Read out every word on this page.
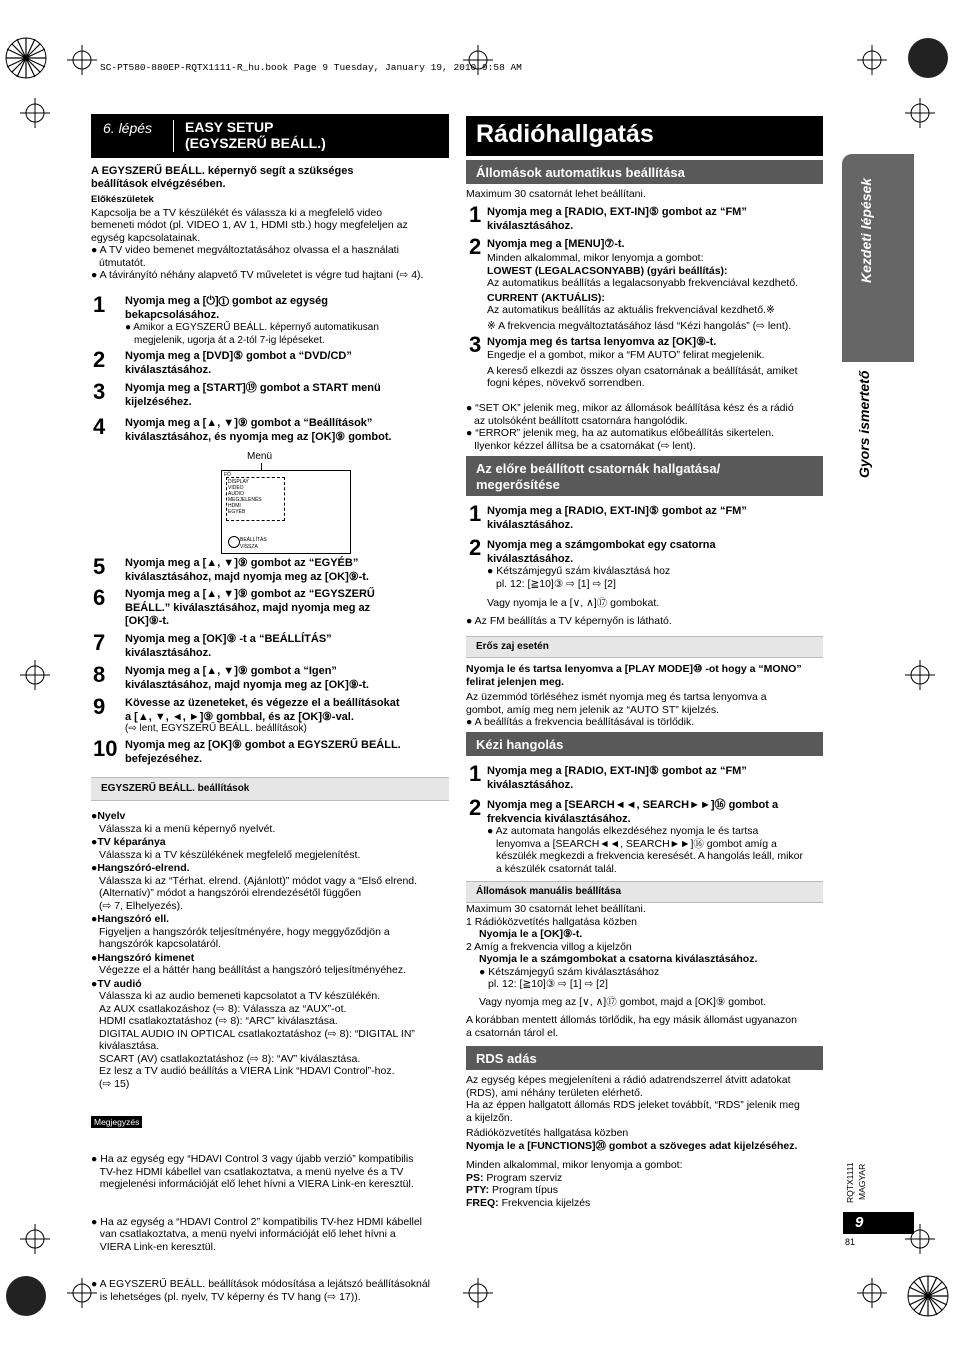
SC-PT580-880EP-RQTX1111-R_hu.book Page 9 Tuesday, January 19, 2010 9:58 AM
6. lépés EASY SETUP
(EGYSZERŰ BEÁLL.)
A EGYSZERŰ BEÁLL. képernyő segít a szükséges
beállítások elvégzésében.
Előkészületek
Kapcsolja be a TV készülékét és válassza ki a megfelelő video
bemeneti módot (pl. VIDEO 1, AV 1, HDMI stb.) hogy megfeleljen az
egység kapcsolatainak.
● A TV video bemenet megváltoztatásához olvassa el a használati
útmutatót.
● A távirányító néhány alapvető TV műveletet is végre tud hajtani (⇨ 4).
1 Nyomja meg a [⏻]① gombot az egység
bekapcsolásához.
● Amikor a EGYSZERŰ BEÁLL. képernyő automatikusan
megjelenik, ugorja át a 2-tól 7-ig lépéseket.
2 Nyomja meg a [DVD]⑤ gombot a “DVD/CD”
kiválasztásához.
3 Nyomja meg a [START]⑲ gombot a START menü
kijelzéséhez.
4 Nyomja meg a [▲, ▼]⑨ gombot a “Beállítások”
kiválasztásához, és nyomja meg az [OK]⑨ gombot.
Menü
FŐ
DISPLAY
VIDEO
AUDIO
MEGJELENÉS
HDMI
EGYÉB
BEÁLLÍTÁS
VISSZA
5 Nyomja meg a [▲, ▼]⑨ gombot az “EGYÉB”
kiválasztásához, majd nyomja meg az [OK]⑨-t.
6 Nyomja meg a [▲, ▼]⑨ gombot az “EGYSZERŰ
BEÁLL.” kiválasztásához, majd nyomja meg az
[OK]⑨-t.
7 Nyomja meg a [OK]⑨ -t a “BEÁLLÍTÁS”
kiválasztásához.
8 Nyomja meg a [▲, ▼]⑨ gombot a “Igen”
kiválasztásához, majd nyomja meg az [OK]⑨-t.
9 Kövesse az üzeneteket, és végezze el a beállításokat
a [▲, ▼, ◄, ►]⑨ gombbal, és az [OK]⑨-val.
(⇨ lent, EGYSZERŰ BEÁLL. beállítások)
10 Nyomja meg az [OK]⑨ gombot a EGYSZERŰ BEÁLL.
befejezéséhez.
EGYSZERŰ BEÁLL. beállítások
●Nyelv
Válassza ki a menü képernyő nyelvét.
●TV képaránya
Válassza ki a TV készülékének megfelelő megjelenítést.
●Hangszóró-elrend.
Válassza ki az “Térhat. elrend. (Ajánlott)” módot vagy a “Első elrend.
(Alternatív)” módot a hangszórói elrendezésétől függően
(⇨ 7, Elhelyezés).
●Hangszóró ell.
Figyeljen a hangszórók teljesítményére, hogy meggyőződjön a
hangszórók kapcsolatáról.
●Hangszóró kimenet
Végezze el a háttér hang beállítást a hangszóró teljesítményéhez.
●TV audió
Válassza ki az audio bemeneti kapcsolatot a TV készülékén.
Az AUX csatlakozáshoz (⇨ 8): Válassza az “AUX”-ot.
HDMI csatlakoztatáshoz (⇨ 8): “ARC” kiválasztása.
DIGITAL AUDIO IN OPTICAL csatlakoztatáshoz (⇨ 8): “DIGITAL IN”
kiválasztása.
SCART (AV) csatlakoztatáshoz (⇨ 8): “AV” kiválasztása.
Ez lesz a TV audió beállítás a VIERA Link “HDAVI Control”-hoz.
(⇨ 15)
Megjegyzés

● Ha az egység egy “HDAVI Control 3 vagy újabb verzió” kompatibilis
TV-hez HDMI kábellel van csatlakoztatva, a menü nyelve és a TV
megjelenési információját elő lehet hívni a VIERA Link-en keresztül.

● Ha az egység a “HDAVI Control 2” kompatibilis TV-hez HDMI kábellel
van csatlakoztatva, a menü nyelvi információját elő lehet hívni a
VIERA Link-en keresztül.

● A EGYSZERŰ BEÁLL. beállítások módosítása a lejátszó beállításoknál
is lehetséges (pl. nyelv, TV képerny és TV hang (⇨ 17)).

Rádióhallgatás
Állomások automatikus beállítása
Maximum 30 csatornát lehet beállítani.
1 Nyomja meg a [RADIO, EXT-IN]⑤ gombot az “FM”
kiválasztásához.
2 Nyomja meg a [MENU]⑦-t.
Minden alkalommal, mikor lenyomja a gombot:
LOWEST (LEGALACSONYABB) (gyári beállítás):
Az automatikus beállítás a legalacsonyabb frekvenciával kezdhető.
CURRENT (AKTUÁLIS):
Az automatikus beállítás az aktuális frekvenciával kezdhető.※
※ A frekvencia megváltoztatásához lásd “Kézi hangolás” (⇨ lent).
3 Nyomja meg és tartsa lenyomva az [OK]⑨-t.
Engedje el a gombot, mikor a “FM AUTO” felirat megjelenik.
A kereső elkezdi az összes olyan csatornának a beállítását, amiket
fogni képes, növekvő sorrendben.
● “SET OK” jelenik meg, mikor az állomások beállítása kész és a rádió
az utolsóként beállított csatornára hangolódik.
● “ERROR” jelenik meg, ha az automatikus előbeállítás sikertelen.
Ilyenkor kézzel állítsa be a csatornákat (⇨ lent).
Az előre beállított csatornák hallgatása/
megerősítése
1 Nyomja meg a [RADIO, EXT-IN]⑤ gombot az “FM”
kiválasztásához.
2 Nyomja meg a számgombokat egy csatorna
kiválasztásához.
● Kétszámjegyű szám kiválasztásá hoz
pl. 12: [≧10]③ ⇨ [1] ⇨ [2]
Vagy nyomja le a [∨, ∧]⑰ gombokat.
● Az FM beállítás a TV képernyőn is látható.
Erős zaj esetén
Nyomja le és tartsa lenyomva a [PLAY MODE]⑩ -ot hogy a “MONO”
felirat jelenjen meg.
Az üzemmód törléséhez ismét nyomja meg és tartsa lenyomva a
gombot, amíg meg nem jelenik az “AUTO ST” kijelzés.
● A beállítás a frekvencia beállításával is törlődik.
Kézi hangolás
1 Nyomja meg a [RADIO, EXT-IN]⑤ gombot az “FM”
kiválasztásához.
2 Nyomja meg a [SEARCH◄◄, SEARCH►►]⑯ gombot a
frekvencia kiválasztásához.
● Az automata hangolás elkezdéséhez nyomja le és tartsa
lenyomva a [SEARCH◄◄, SEARCH►►]⑯ gombot amíg a
készülék megkezdi a frekvencia keresését. A hangolás leáll, mikor
a készülék csatornát talál.
Állomások manuális beállítása
Maximum 30 csatornát lehet beállítani.
1 Rádióközvetítés hallgatása közben
Nyomja le a [OK]⑨-t.
2 Amíg a frekvencia villog a kijelzőn
Nyomja le a számgombokat a csatorna kiválasztásához.
● Kétszámjegyű szám kiválasztásához
pl. 12: [≧10]③ ⇨ [1] ⇨ [2]
Vagy nyomja meg az [∨, ∧]⑰ gombot, majd a [OK]⑨ gombot.
A korábban mentett állomás törlődik, ha egy másik állomást ugyanazon
a csatornán tárol el.
RDS adás
Az egység képes megjeleníteni a rádió adatrendszerrel átvitt adatokat
(RDS), ami néhány területen elérhető.
Ha az éppen hallgatott állomás RDS jeleket továbbít, “RDS” jelenik meg
a kijelzőn.
Rádióközvetítés hallgatása közben
Nyomja le a [FUNCTIONS]⑳ gombot a szöveges adat kijelzéséhez.
Minden alkalommal, mikor lenyomja a gombot:
PS: Program szerviz
PTY: Program típus
FREQ: Frekvencia kijelzés
Kezdeti lépések
Gyors ismertető
RQTX1111 MAGYAR
9
81
